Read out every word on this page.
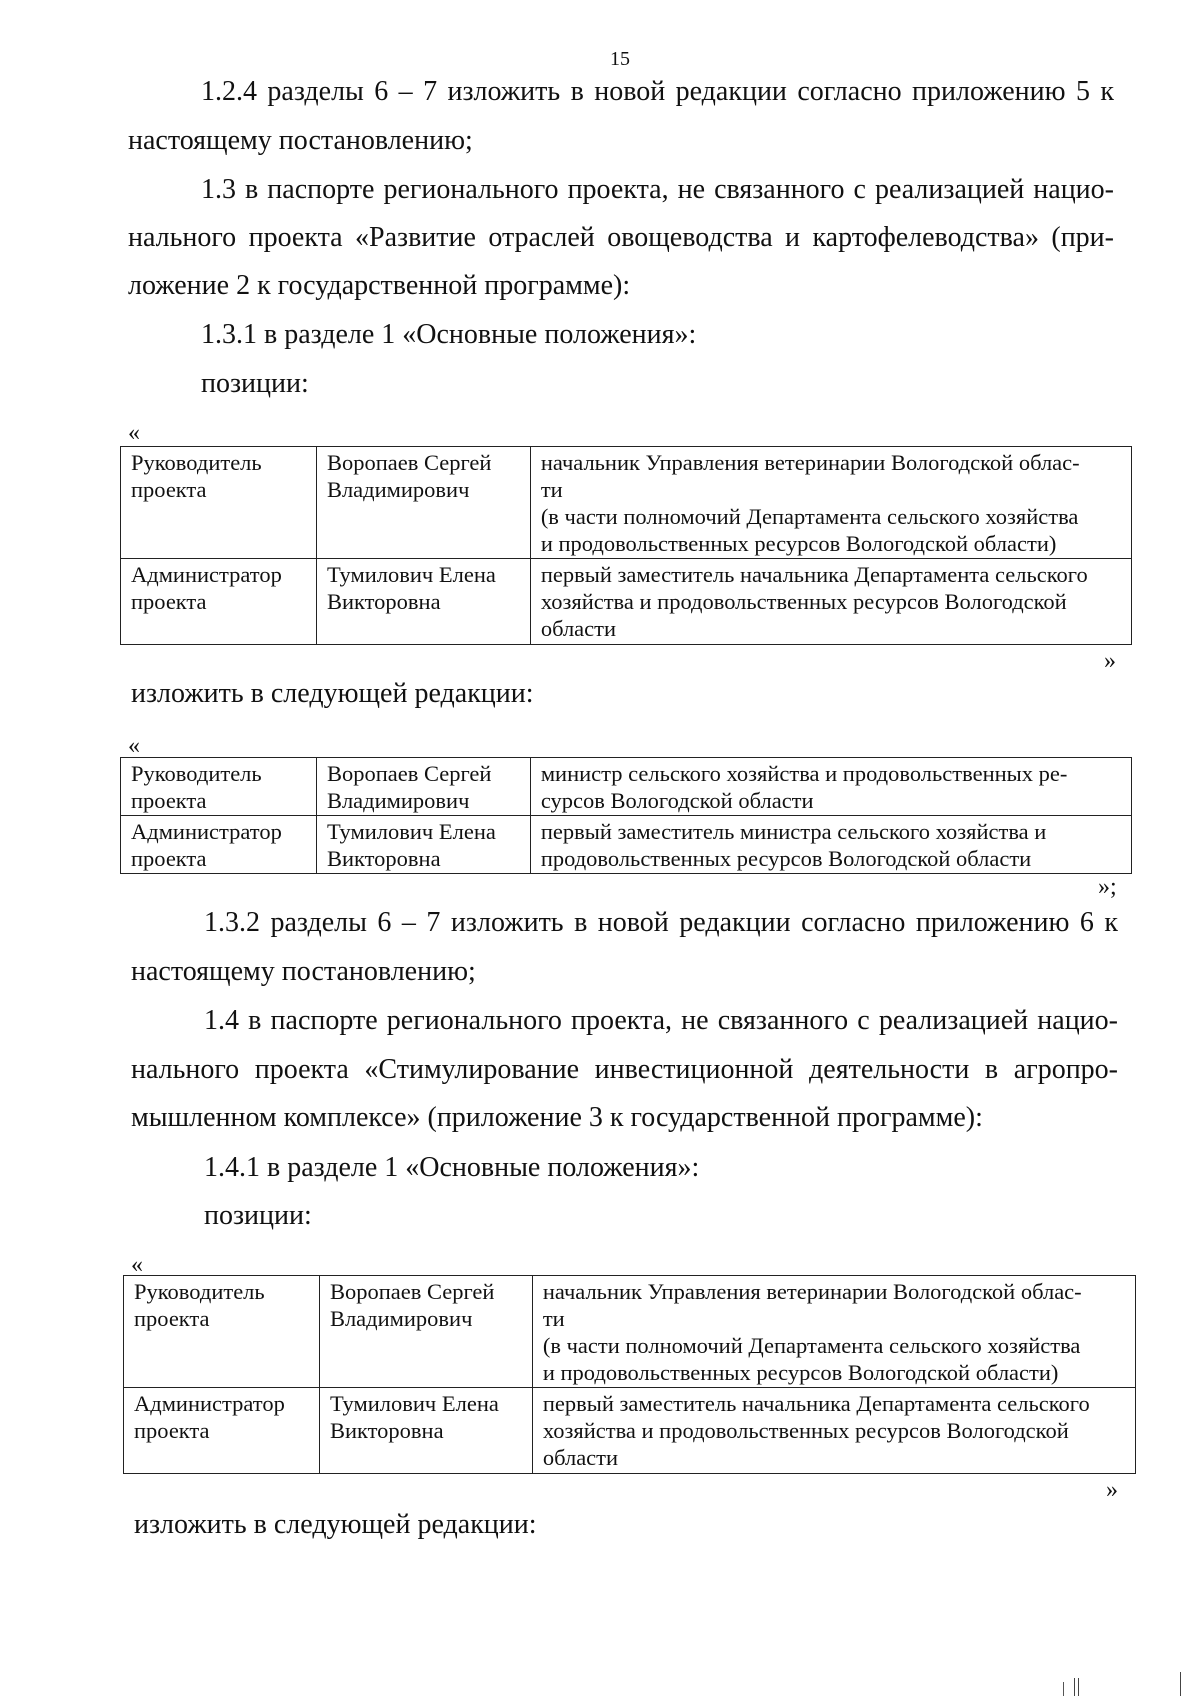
15
1.2.4 разделы 6 – 7 изложить в новой редакции согласно приложению 5 к
настоящему постановлению;
1.3 в паспорте регионального проекта, не связанного с реализацией нацио-
нального проекта «Развитие отраслей овощеводства и картофелеводства» (при-
ложение 2 к государственной программе):
1.3.1 в разделе 1 «Основные положения»:
позиции:
«
Руководитель проекта	Воропаев Сергей Владимирович	начальник Управления ветеринарии Вологодской облас-
ти
(в части полномочий Департамента сельского хозяйства
и продовольственных ресурсов Вологодской области)
Администратор проекта	Тумилович Елена Викторовна	первый заместитель начальника Департамента сельского
хозяйства и продовольственных ресурсов Вологодской
области
»
изложить в следующей редакции:
«
Руководитель проекта	Воропаев Сергей Владимирович	министр сельского хозяйства и продовольственных ре-
сурсов Вологодской области
Администратор проекта	Тумилович Елена Викторовна	первый заместитель министра сельского хозяйства и
продовольственных ресурсов Вологодской области
»;
1.3.2 разделы 6 – 7 изложить в новой редакции согласно приложению 6 к
настоящему постановлению;
1.4 в паспорте регионального проекта, не связанного с реализацией нацио-
нального проекта «Стимулирование инвестиционной деятельности в агропро-
мышленном комплексе» (приложение 3 к государственной программе):
1.4.1 в разделе 1 «Основные положения»:
позиции:
«
Руководитель проекта	Воропаев Сергей Владимирович	начальник Управления ветеринарии Вологодской облас-
ти
(в части полномочий Департамента сельского хозяйства
и продовольственных ресурсов Вологодской области)
Администратор проекта	Тумилович Елена Викторовна	первый заместитель начальника Департамента сельского
хозяйства и продовольственных ресурсов Вологодской
области
»
изложить в следующей редакции:
